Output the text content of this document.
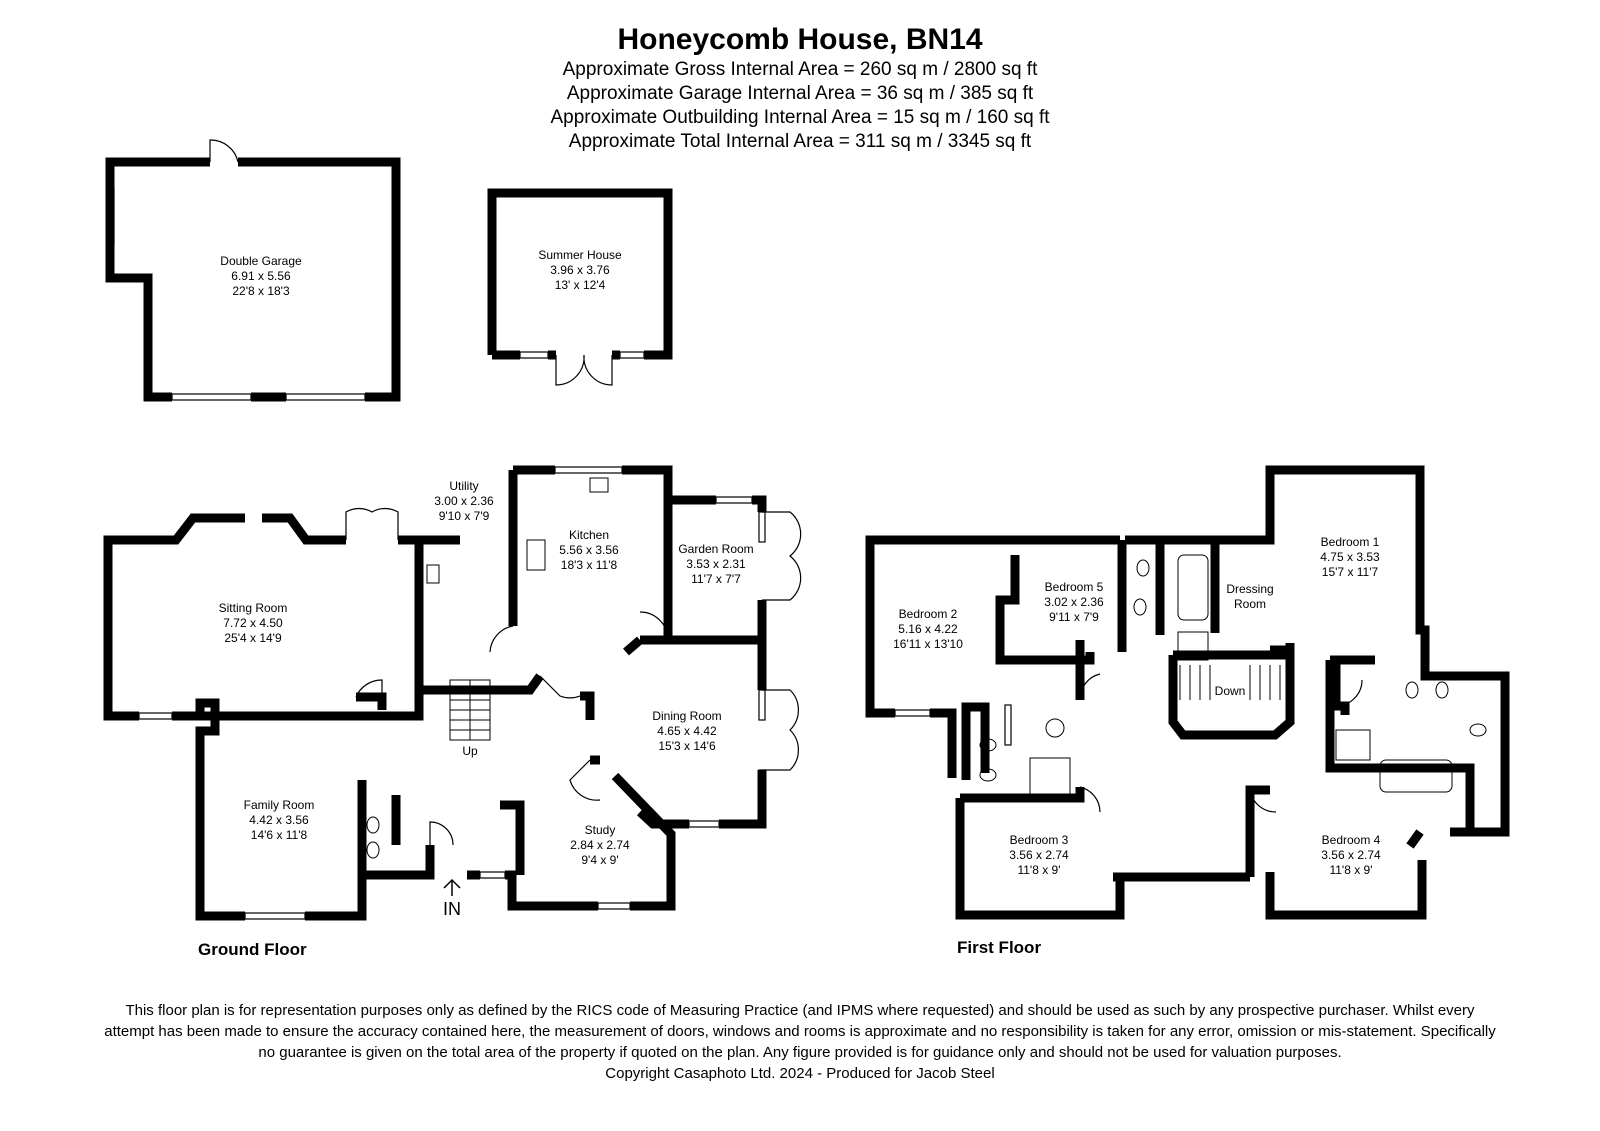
Honeycomb House, BN14
Approximate Gross Internal Area = 260 sq m / 2800 sq ft
Approximate Garage Internal Area = 36 sq m / 385 sq ft
Approximate Outbuilding Internal Area = 15 sq m / 160 sq ft
Approximate Total Internal Area = 311 sq m / 3345 sq ft
IN
Up
Down
Double Garage
6.91 x 5.56
22'8 x 18'3
Summer House
3.96 x 3.76
13' x 12'4
Utility
3.00 x 2.36
9'10 x 7'9
Kitchen
5.56 x 3.56
18'3 x 11'8
Garden Room
3.53 x 2.31
11'7 x 7'7
Sitting Room
7.72 x 4.50
25'4 x 14'9
Dining Room
4.65 x 4.42
15'3 x 14'6
Family Room
4.42 x 3.56
14'6 x 11'8	Study
2.84 x 2.74
9'4 x 9'
Bedroom 1
4.75 x 3.53
15'7 x 11'7
Bedroom 2
5.16 x 4.22
16'11 x 13'10
Bedroom 5
3.02 x 2.36
9'11 x 7'9
Dressing
Room
Bedroom 3
3.56 x 2.74
11'8 x 9'
Bedroom 4
3.56 x 2.74
11'8 x 9'
Ground Floor	First Floor
This floor plan is for representation purposes only as defined by the RICS code of Measuring Practice (and IPMS where requested) and should be used as such by any prospective purchaser. Whilst every attempt has been made to ensure the accuracy contained here, the measurement of doors, windows and rooms is approximate and no responsibility is taken for any error, omission or mis-statement. Specifically no guarantee is given on the total area of the property if quoted on the plan. Any figure provided is for guidance only and should not be used for valuation purposes.
Copyright Casaphoto Ltd. 2024 - Produced for Jacob Steel
